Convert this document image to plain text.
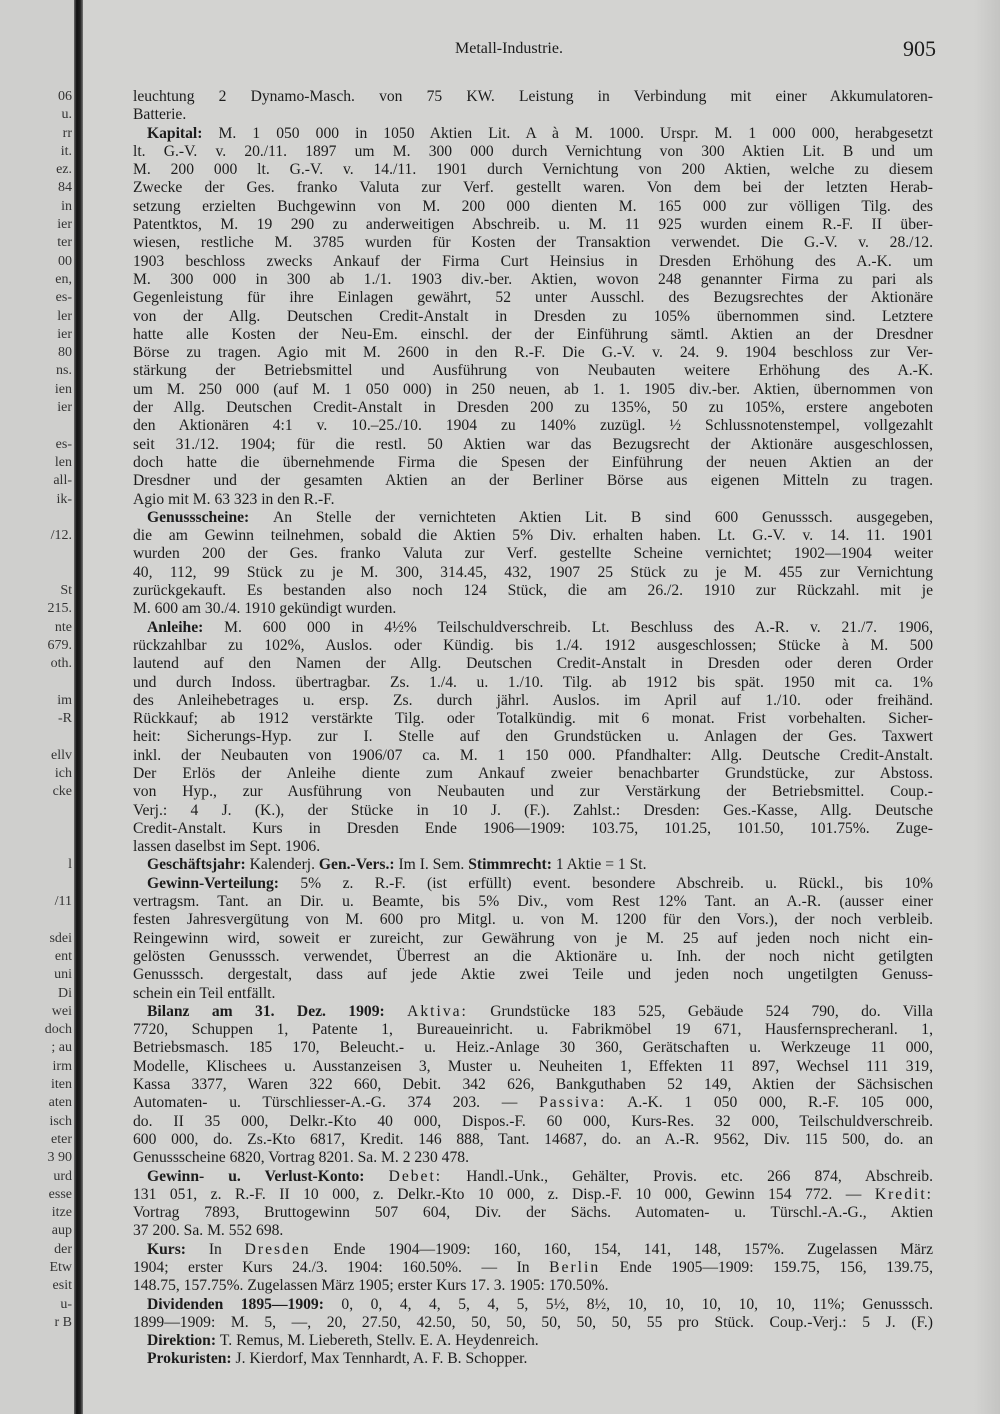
06
u.
rr
it.
ez.
84
in
ier
ter
00
en,
es-
ler
ier
80
ns.
ien
ier
es-
len
all-
ik-
/12.
St
215.
nte
679.
oth.
im
-R
ellv
ich
cke
l
/11
sdei
ent
uni
Di
wei
doch
; au
irm
iten
aten
isch
eter
3 90
urd
esse
itze
aup
der
Etw
esit
u-
r B
Metall-Industrie.	905
leuchtung 2 Dynamo-Masch. von 75 KW. Leistung in Verbindung mit einer Akkumulatoren-
Batterie.
Kapital: M. 1 050 000 in 1050 Aktien Lit. A à M. 1000. Urspr. M. 1 000 000, herabgesetzt
lt. G.-V. v. 20./11. 1897 um M. 300 000 durch Vernichtung von 300 Aktien Lit. B und um
M. 200 000 lt. G.-V. v. 14./11. 1901 durch Vernichtung von 200 Aktien, welche zu diesem
Zwecke der Ges. franko Valuta zur Verf. gestellt waren. Von dem bei der letzten Herab-
setzung erzielten Buchgewinn von M. 200 000 dienten M. 165 000 zur völligen Tilg. des
Patentktos, M. 19 290 zu anderweitigen Abschreib. u. M. 11 925 wurden einem R.-F. II über-
wiesen, restliche M. 3785 wurden für Kosten der Transaktion verwendet. Die G.-V. v. 28./12.
1903 beschloss zwecks Ankauf der Firma Curt Heinsius in Dresden Erhöhung des A.-K. um
M. 300 000 in 300 ab 1./1. 1903 div.-ber. Aktien, wovon 248 genannter Firma zu pari als
Gegenleistung für ihre Einlagen gewährt, 52 unter Ausschl. des Bezugsrechtes der Aktionäre
von der Allg. Deutschen Credit-Anstalt in Dresden zu 105% übernommen sind. Letztere
hatte alle Kosten der Neu-Em. einschl. der der Einführung sämtl. Aktien an der Dresdner
Börse zu tragen. Agio mit M. 2600 in den R.-F. Die G.-V. v. 24. 9. 1904 beschloss zur Ver-
stärkung der Betriebsmittel und Ausführung von Neubauten weitere Erhöhung des A.-K.
um M. 250 000 (auf M. 1 050 000) in 250 neuen, ab 1. 1. 1905 div.-ber. Aktien, übernommen von
der Allg. Deutschen Credit-Anstalt in Dresden 200 zu 135%, 50 zu 105%, erstere angeboten
den Aktionären 4:1 v. 10.–25./10. 1904 zu 140% zuzügl. ½ Schlussnotenstempel, vollgezahlt
seit 31./12. 1904; für die restl. 50 Aktien war das Bezugsrecht der Aktionäre ausgeschlossen,
doch hatte die übernehmende Firma die Spesen der Einführung der neuen Aktien an der
Dresdner und der gesamten Aktien an der Berliner Börse aus eigenen Mitteln zu tragen.
Agio mit M. 63 323 in den R.-F.
Genussscheine: An Stelle der vernichteten Aktien Lit. B sind 600 Genusssch. ausgegeben,
die am Gewinn teilnehmen, sobald die Aktien 5% Div. erhalten haben. Lt. G.-V. v. 14. 11. 1901
wurden 200 der Ges. franko Valuta zur Verf. gestellte Scheine vernichtet; 1902—1904 weiter
40, 112, 99 Stück zu je M. 300, 314.45, 432, 1907 25 Stück zu je M. 455 zur Vernichtung
zurückgekauft. Es bestanden also noch 124 Stück, die am 26./2. 1910 zur Rückzahl. mit je
M. 600 am 30./4. 1910 gekündigt wurden.
Anleihe: M. 600 000 in 4½% Teilschuldverschreib. Lt. Beschluss des A.-R. v. 21./7. 1906,
rückzahlbar zu 102%, Auslos. oder Kündig. bis 1./4. 1912 ausgeschlossen; Stücke à M. 500
lautend auf den Namen der Allg. Deutschen Credit-Anstalt in Dresden oder deren Order
und durch Indoss. übertragbar. Zs. 1./4. u. 1./10. Tilg. ab 1912 bis spät. 1950 mit ca. 1%
des Anleihebetrages u. ersp. Zs. durch jährl. Auslos. im April auf 1./10. oder freihänd.
Rückkauf; ab 1912 verstärkte Tilg. oder Totalkündig. mit 6 monat. Frist vorbehalten. Sicher-
heit: Sicherungs-Hyp. zur I. Stelle auf den Grundstücken u. Anlagen der Ges. Taxwert
inkl. der Neubauten von 1906/07 ca. M. 1 150 000. Pfandhalter: Allg. Deutsche Credit-Anstalt.
Der Erlös der Anleihe diente zum Ankauf zweier benachbarter Grundstücke, zur Abstoss.
von Hyp., zur Ausführung von Neubauten und zur Verstärkung der Betriebsmittel. Coup.-
Verj.: 4 J. (K.), der Stücke in 10 J. (F.). Zahlst.: Dresden: Ges.-Kasse, Allg. Deutsche
Credit-Anstalt. Kurs in Dresden Ende 1906—1909: 103.75, 101.25, 101.50, 101.75%. Zuge-
lassen daselbst im Sept. 1906.
Geschäftsjahr: Kalenderj. Gen.-Vers.: Im I. Sem. Stimmrecht: 1 Aktie = 1 St.
Gewinn-Verteilung: 5% z. R.-F. (ist erfüllt) event. besondere Abschreib. u. Rückl., bis 10%
vertragsm. Tant. an Dir. u. Beamte, bis 5% Div., vom Rest 12% Tant. an A.-R. (ausser einer
festen Jahresvergütung von M. 600 pro Mitgl. u. von M. 1200 für den Vors.), der noch verbleib.
Reingewinn wird, soweit er zureicht, zur Gewährung von je M. 25 auf jeden noch nicht ein-
gelösten Genusssch. verwendet, Überrest an die Aktionäre u. Inh. der noch nicht getilgten
Genusssch. dergestalt, dass auf jede Aktie zwei Teile und jeden noch ungetilgten Genuss-
schein ein Teil entfällt.
Bilanz am 31. Dez. 1909: Aktiva: Grundstücke 183 525, Gebäude 524 790, do. Villa
7720, Schuppen 1, Patente 1, Bureaueinricht. u. Fabrikmöbel 19 671, Hausfernsprecheranl. 1,
Betriebsmasch. 185 170, Beleucht.- u. Heiz.-Anlage 30 360, Gerätschaften u. Werkzeuge 11 000,
Modelle, Klischees u. Ausstanzeisen 3, Muster u. Neuheiten 1, Effekten 11 897, Wechsel 111 319,
Kassa 3377, Waren 322 660, Debit. 342 626, Bankguthaben 52 149, Aktien der Sächsischen
Automaten- u. Türschliesser-A.-G. 374 203. — Passiva: A.-K. 1 050 000, R.-F. 105 000,
do. II 35 000, Delkr.-Kto 40 000, Dispos.-F. 60 000, Kurs-Res. 32 000, Teilschuldverschreib.
600 000, do. Zs.-Kto 6817, Kredit. 146 888, Tant. 14687, do. an A.-R. 9562, Div. 115 500, do. an
Genussscheine 6820, Vortrag 8201. Sa. M. 2 230 478.
Gewinn- u. Verlust-Konto: Debet: Handl.-Unk., Gehälter, Provis. etc. 266 874, Abschreib.
131 051, z. R.-F. II 10 000, z. Delkr.-Kto 10 000, z. Disp.-F. 10 000, Gewinn 154 772. — Kredit:
Vortrag 7893, Bruttogewinn 507 604, Div. der Sächs. Automaten- u. Türschl.-A.-G., Aktien
37 200. Sa. M. 552 698.
Kurs: In Dresden Ende 1904—1909: 160, 160, 154, 141, 148, 157%. Zugelassen März
1904; erster Kurs 24./3. 1904: 160.50%. — In Berlin Ende 1905—1909: 159.75, 156, 139.75,
148.75, 157.75%. Zugelassen März 1905; erster Kurs 17. 3. 1905: 170.50%.
Dividenden 1895—1909: 0, 0, 4, 4, 5, 4, 5, 5½, 8½, 10, 10, 10, 10, 10, 11%; Genusssch.
1899—1909: M. 5, —, 20, 27.50, 42.50, 50, 50, 50, 50, 50, 55 pro Stück. Coup.-Verj.: 5 J. (F.)
Direktion: T. Remus, M. Liebereth, Stellv. E. A. Heydenreich.
Prokuristen: J. Kierdorf, Max Tennhardt, A. F. B. Schopper.
